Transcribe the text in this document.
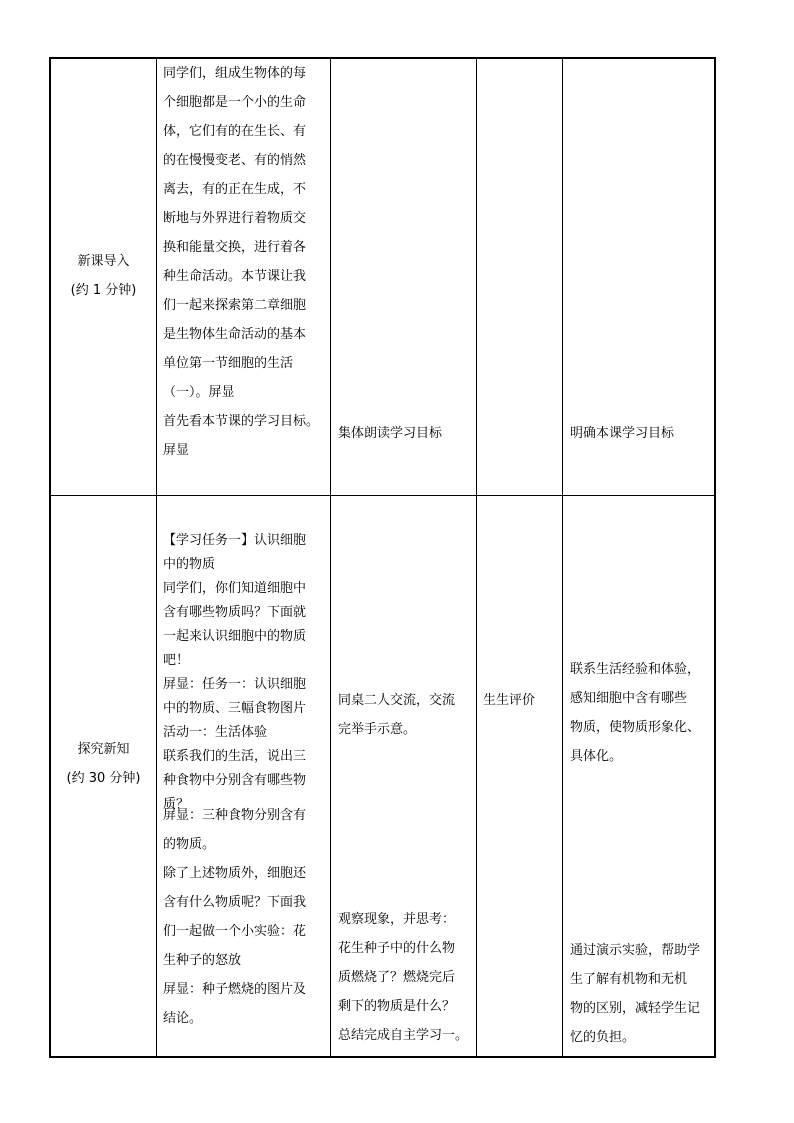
新课导入
(约 1 分钟)
同学们，组成生物体的每
个细胞都是一个小的生命
体，它们有的在生长、有
的在慢慢变老、有的悄然
离去，有的正在生成，不
断地与外界进行着物质交
换和能量交换，进行着各
种生命活动。本节课让我
们一起来探索第二章细胞
是生物体生命活动的基本
单位第一节细胞的生活
（一）。屏显
首先看本节课的学习目标。
屏显
集体朗读学习目标	明确本课学习目标
探究新知
(约 30 分钟)
【学习任务一】认识细胞
中的物质
同学们，你们知道细胞中
含有哪些物质吗？下面就
一起来认识细胞中的物质
吧！
屏显：任务一：认识细胞
中的物质、三幅食物图片
活动一：生活体验
联系我们的生活，说出三
种食物中分别含有哪些物
质？
屏显：三种食物分别含有
的物质。
除了上述物质外，细胞还
含有什么物质呢？下面我
们一起做一个小实验：花
生种子的怒放
屏显：种子燃烧的图片及
结论。
同桌二人交流，交流
完举手示意。
观察现象，并思考：
花生种子中的什么物
质燃烧了？燃烧完后
剩下的物质是什么？
总结完成自主学习一。
生生评价
联系生活经验和体验，
感知细胞中含有哪些
物质，使物质形象化、
具体化。
通过演示实验，帮助学
生了解有机物和无机
物的区别，减轻学生记
忆的负担。
